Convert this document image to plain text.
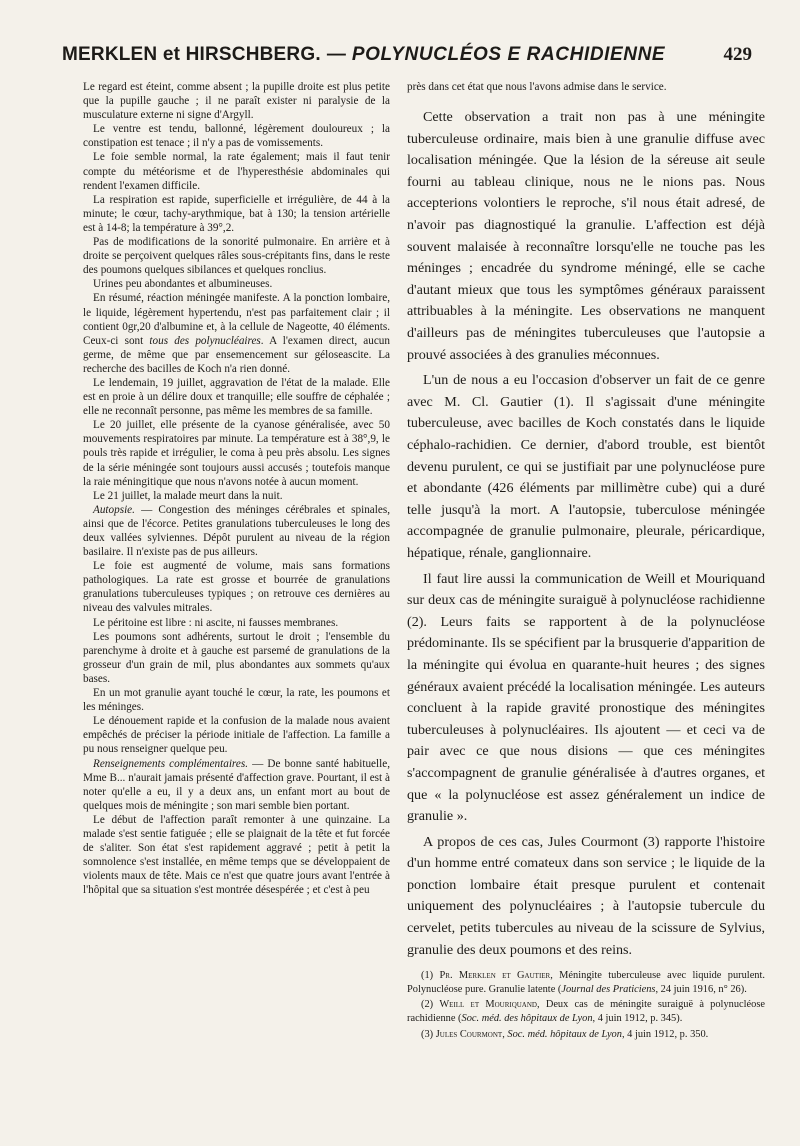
MERKLEN et HIRSCHBERG. — POLYNUCLÉOS E RACHIDIENNE	429

Le regard est éteint, comme absent ; la pupille droite est plus petite que la pupille gauche ; il ne paraît exister ni paralysie de la musculature externe ni signe d'Argyll.

Le ventre est tendu, ballonné, légèrement douloureux ; la constipation est tenace ; il n'y a pas de vomissements.

Le foie semble normal, la rate également; mais il faut tenir compte du météorisme et de l'hyperesthésie abdominales qui rendent l'examen difficile.

La respiration est rapide, superficielle et irrégulière, de 44 à la minute; le cœur, tachy-arythmique, bat à 130; la tension artérielle est à 14-8; la température à 39°,2.

Pas de modifications de la sonorité pulmonaire. En arrière et à droite se perçoivent quelques râles sous-crépitants fins, dans le reste des poumons quelques sibilances et quelques ronclius.

Urines peu abondantes et albumineuses.

En résumé, réaction méningée manifeste. A la ponction lombaire, le liquide, légèrement hypertendu, n'est pas parfaitement clair ; il contient 0gr,20 d'albumine et, à la cellule de Nageotte, 40 éléments. Ceux-ci sont tous des polynucléaires. A l'examen direct, aucun germe, de même que par ensemencement sur géloseascite. La recherche des bacilles de Koch n'a rien donné.

Le lendemain, 19 juillet, aggravation de l'état de la malade. Elle est en proie à un délire doux et tranquille; elle souffre de céphalée ; elle ne reconnaît personne, pas même les membres de sa famille.

Le 20 juillet, elle présente de la cyanose généralisée, avec 50 mouvements respiratoires par minute. La température est à 38°,9, le pouls très rapide et irrégulier, le coma à peu près absolu. Les signes de la série méningée sont toujours aussi accusés ; toutefois manque la raie méningitique que nous n'avons notée à aucun moment.

Le 21 juillet, la malade meurt dans la nuit.

Autopsie. — Congestion des méninges cérébrales et spinales, ainsi que de l'écorce. Petites granulations tuberculeuses le long des deux vallées sylviennes. Dépôt purulent au niveau de la région basilaire. Il n'existe pas de pus ailleurs.

Le foie est augmenté de volume, mais sans formations pathologiques. La rate est grosse et bourrée de granulations granulations tuberculeuses typiques ; on retrouve ces dernières au niveau des valvules mitrales.

Le péritoine est libre : ni ascite, ni fausses membranes.

Les poumons sont adhérents, surtout le droit ; l'ensemble du parenchyme à droite et à gauche est parsemé de granulations de la grosseur d'un grain de mil, plus abondantes aux sommets qu'aux bases.

En un mot granulie ayant touché le cœur, la rate, les poumons et les méninges.

Le dénouement rapide et la confusion de la malade nous avaient empêchés de préciser la période initiale de l'affection. La famille a pu nous renseigner quelque peu.

Renseignements complémentaires. — De bonne santé habituelle, Mme B... n'aurait jamais présenté d'affection grave. Pourtant, il est à noter qu'elle a eu, il y a deux ans, un enfant mort au bout de quelques mois de méningite ; son mari semble bien portant.

Le début de l'affection paraît remonter à une quinzaine. La malade s'est sentie fatiguée ; elle se plaignait de la tête et fut forcée de s'aliter. Son état s'est rapidement aggravé ; petit à petit la somnolence s'est installée, en même temps que se développaient de violents maux de tête. Mais ce n'est que quatre jours avant l'entrée à l'hôpital que sa situation s'est montrée désespérée ; et c'est à peu

près dans cet état que nous l'avons admise dans le service.

Cette observation a trait non pas à une méningite tuberculeuse ordinaire, mais bien à une granulie diffuse avec localisation méningée. Que la lésion de la séreuse ait seule fourni au tableau clinique, nous ne le nions pas. Nous accepterions volontiers le reproche, s'il nous était adresé, de n'avoir pas diagnostiqué la granulie. L'affection est déjà souvent malaisée à reconnaître lorsqu'elle ne touche pas les méninges ; encadrée du syndrome méningé, elle se cache d'autant mieux que tous les symptômes généraux paraissent attribuables à la méningite. Les observations ne manquent d'ailleurs pas de méningites tuberculeuses que l'autopsie a prouvé associées à des granulies méconnues.

L'un de nous a eu l'occasion d'observer un fait de ce genre avec M. Cl. Gautier (1). Il s'agissait d'une méningite tuberculeuse, avec bacilles de Koch constatés dans le liquide céphalo-rachidien. Ce dernier, d'abord trouble, est bientôt devenu purulent, ce qui se justifiait par une polynucléose pure et abondante (426 éléments par millimètre cube) qui a duré telle jusqu'à la mort. A l'autopsie, tuberculose méningée accompagnée de granulie pulmonaire, pleurale, péricardique, hépatique, rénale, ganglionnaire.

Il faut lire aussi la communication de Weill et Mouriquand sur deux cas de méningite suraiguë à polynucléose rachidienne (2). Leurs faits se rapportent à de la polynucléose prédominante. Ils se spécifient par la brusquerie d'apparition de la méningite qui évolua en quarante-huit heures ; des signes généraux avaient précédé la localisation méningée. Les auteurs concluent à la rapide gravité pronostique des méningites tuberculeuses à polynucléaires. Ils ajoutent — et ceci va de pair avec ce que nous disions — que ces méningites s'accompagnent de granulie généralisée à d'autres organes, et que « la polynucléose est assez généralement un indice de granulie ».

A propos de ces cas, Jules Courmont (3) rapporte l'histoire d'un homme entré comateux dans son service ; le liquide de la ponction lombaire était presque purulent et contenait uniquement des polynucléaires ; à l'autopsie tubercule du cervelet, petits tubercules au niveau de la scissure de Sylvius, granulie des deux poumons et des reins.

(1) Pr. Merklen et Gautier, Méningite tuberculeuse avec liquide purulent. Polynucléose pure. Granulie latente (Journal des Praticiens, 24 juin 1916, n° 26).

(2) Weill et Mouriquand, Deux cas de méningite suraiguë à polynucléose rachidienne (Soc. méd. des hôpitaux de Lyon, 4 juin 1912, p. 345).

(3) Jules Courmont, Soc. méd. hôpitaux de Lyon, 4 juin 1912, p. 350.
